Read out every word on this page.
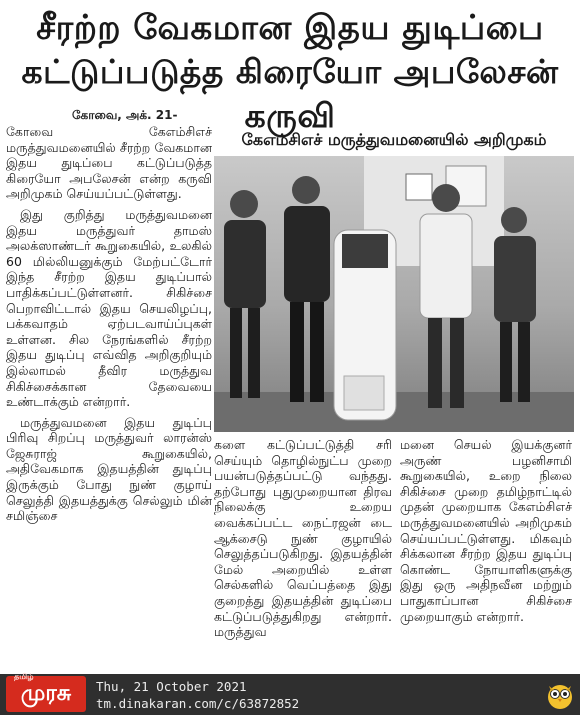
சீரற்ற வேகமான இதய துடிப்பை
கட்டுப்படுத்த கிரையோ அபலேசன் கருவி
கோவை, அக். 21-

கோவை கேஎம்சிஎச் மருத்துவமனையில் சீரற்ற வேகமான இதய துடிப்பை கட்டுப்படுத்த கிரையோ அபலேசன் என்ற கருவி அறிமுகம் செய்யப்பட்டுள்ளது.

இது குறித்து மருத்துவமனை இதய மருத்துவர் தாமஸ் அலக்ஸாண்டர் கூறுகையில், உலகில் 60 மில்லியனுக்கும் மேற்பட்டோர் இந்த சீரற்ற இதய துடிப்பால் பாதிக்கப்பட்டுள்ளனர். சிகிச்சை பெறாவிட்டால் இதய செயலிழப்பு, பக்கவாதம் ஏற்படவாய்ப்புகள் உள்ளன. சில நேரங்களில் சீரற்ற இதய துடிப்பு எவ்வித அறிகுறியும் இல்லாமல் தீவிர மருத்துவ சிகிச்சைக்கான தேவையை உண்டாக்கும் என்றார்.

மருத்துவமனை இதய துடிப்பு பிரிவு சிறப்பு மருத்துவர் லாரன்ஸ் ஜேசுராஜ் கூறுகையில், அதிவேகமாக இதயத்தின் துடிப்பு இருக்கும் போது நுண் குழாய் செலுத்தி இதயத்துக்கு செல்லும் மின் சமிஞ்சை

கேஎம்சிஎச் மருத்துவமனையில் அறிமுகம்

களை கட்டுப்பட்டுத்தி சரி செய்யும் தொழில்நுட்ப முறை பயன்படுத்தப்பட்டு வந்தது. தற்போது புதுமுறையான திரவ நிலைக்கு உறைய வைக்கப்பட்ட நைட்ரஜன் டை ஆக்சைடு நுண் குழாயில் செலுத்தப்படுகிறது. இதயத்தின் மேல் அறையில் உள்ள செல்களில் வெப்பத்தை இது குறைத்து இதயத்தின் துடிப்பை கட்டுப்படுத்துகிறது என்றார். மருத்துவ

மனை செயல் இயக்குனர் அருண் பழனிசாமி கூறுகையில், உறை நிலை சிகிச்சை முறை தமிழ்நாட்டில் முதன் முறையாக கேஎம்சிஎச் மருத்துவமனையில் அறிமுகம் செய்யப்பட்டுள்ளது. மிகவும் சிக்கலான சீரற்ற இதய துடிப்பு கொண்ட நோயாளிகளுக்கு இது ஒரு அதிநவீன மற்றும் பாதுகாப்பான சிகிச்சை முறையாகும் என்றார்.

தமிழ்
முரசு	Thu, 21 October 2021
tm.dinakaran.com/c/63872852
